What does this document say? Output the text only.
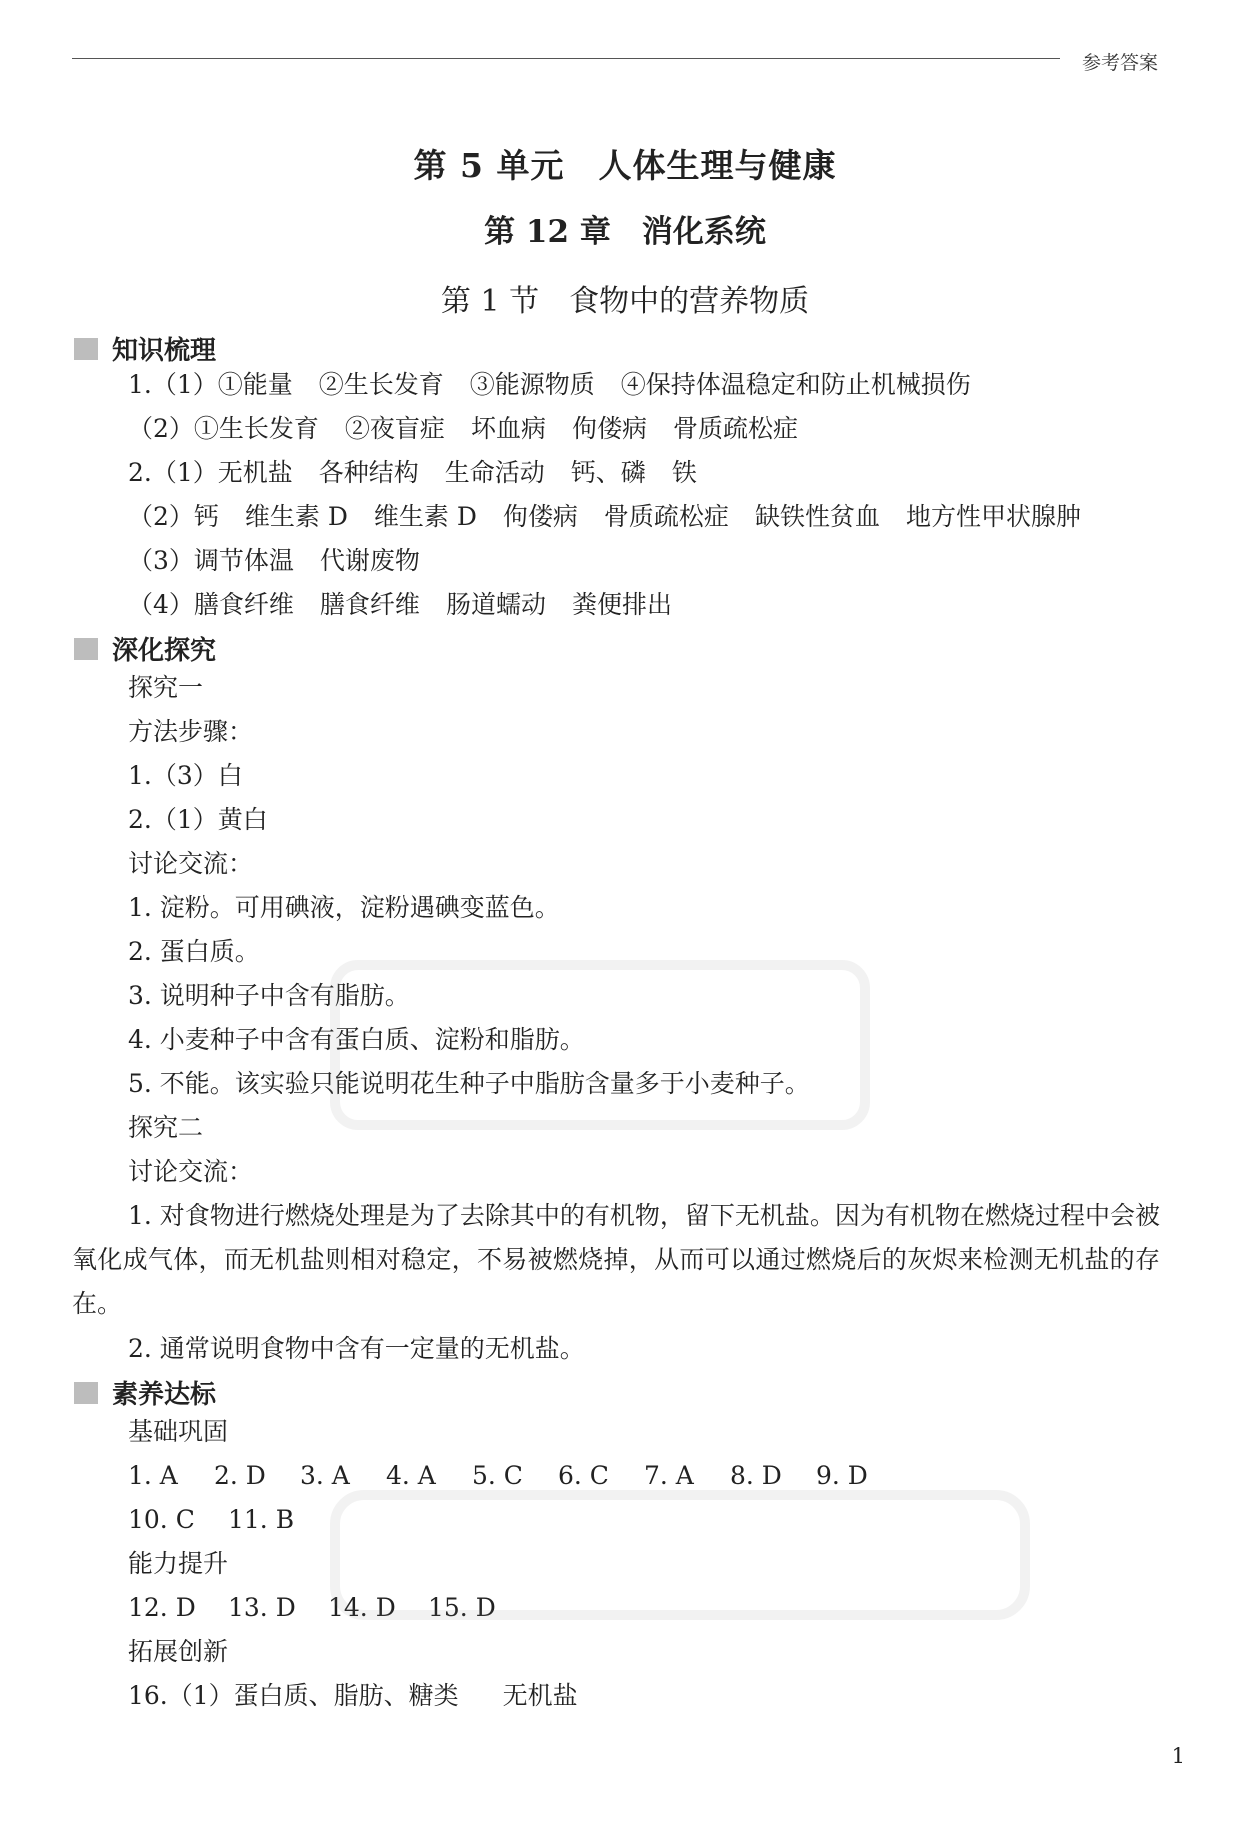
参考答案
第 5 单元　人体生理与健康
第 12 章　消化系统
第 1 节　食物中的营养物质
知识梳理
1.（1）①能量 ②生长发育 ③能源物质 ④保持体温稳定和防止机械损伤
（2）①生长发育 ②夜盲症 坏血病 佝偻病 骨质疏松症
2.（1）无机盐 各种结构 生命活动 钙、磷 铁
（2）钙 维生素 D 维生素 D 佝偻病 骨质疏松症 缺铁性贫血 地方性甲状腺肿
（3）调节体温 代谢废物
（4）膳食纤维 膳食纤维 肠道蠕动 粪便排出
深化探究
探究一
方法步骤：
1.（3）白
2.（1）黄白
讨论交流：
1. 淀粉。可用碘液，淀粉遇碘变蓝色。
2. 蛋白质。
3. 说明种子中含有脂肪。
4. 小麦种子中含有蛋白质、淀粉和脂肪。
5. 不能。该实验只能说明花生种子中脂肪含量多于小麦种子。
探究二
讨论交流：
1. 对食物进行燃烧处理是为了去除其中的有机物，留下无机盐。因为有机物在燃烧过程中会被氧化成气体，而无机盐则相对稳定，不易被燃烧掉，从而可以通过燃烧后的灰烬来检测无机盐的存在。
2. 通常说明食物中含有一定量的无机盐。
素养达标
基础巩固
1. A 2. D 3. A 4. A 5. C 6. C 7. A 8. D 9. D
10. C 11. B
能力提升
12. D 13. D 14. D 15. D
拓展创新
16.（1）蛋白质、脂肪、糖类 无机盐
1
